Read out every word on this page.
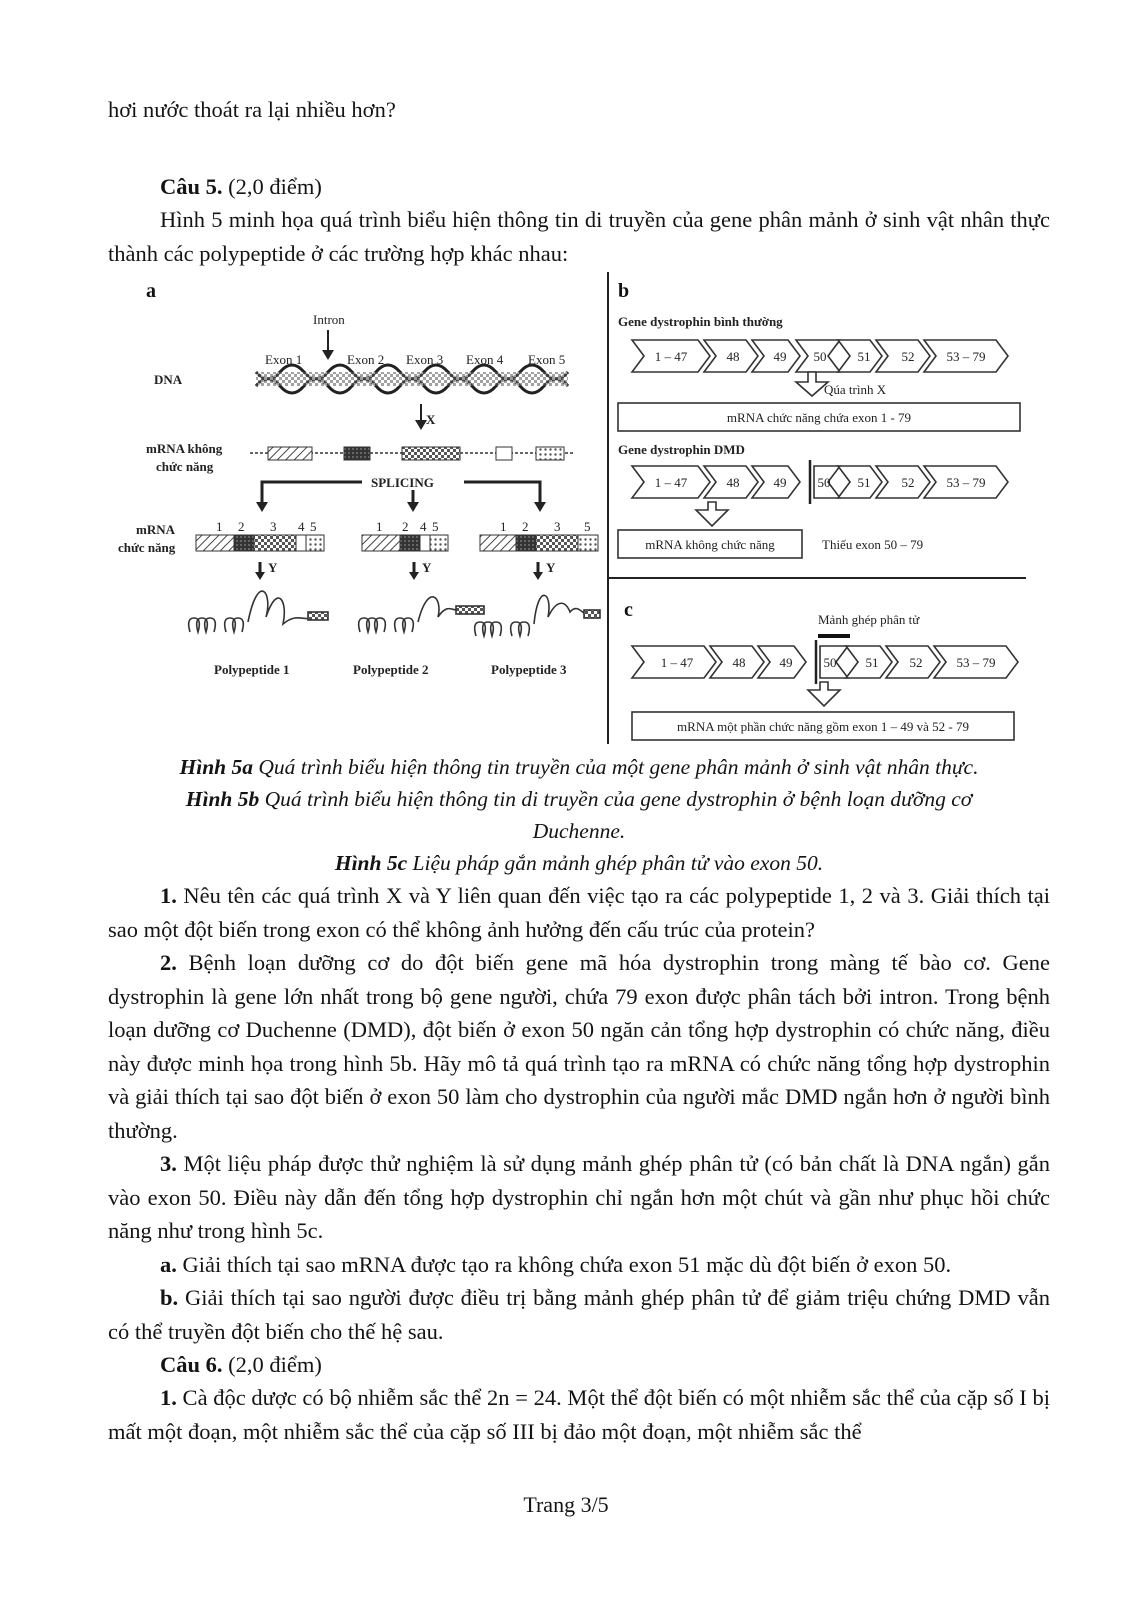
hơi nước thoát ra lại nhiều hơn?

Câu 5. (2,0 điểm)

Hình 5 minh họa quá trình biểu hiện thông tin di truyền của gene phân mảnh ở sinh vật nhân thực thành các polypeptide ở các trường hợp khác nhau:

a
Intron
Exon 1	Exon 2 Exon 3 Exon 4 Exon 5
DNA
X
mRNA không
chức năng
SPLICING
mRNA
chức năng
1 2 3 4 5	1 2 4 5	1 2 3 5
Y	Y	Y
Polypeptide 1	Polypeptide 2	Polypeptide 3
b
Gene dystrophin bình thường
1 – 47	48	49 50 51 52 53 – 79
Qúa trình X
mRNA chức năng chứa exon 1 - 79
Gene dystrophin DMD
1 – 47	48	49 50 51 52 53 – 79
mRNA không chức năng	Thiếu exon 50 – 79
c	Mảnh ghép phân tử
1 – 47	48	49 50 51 52	53 – 79
mRNA một phần chức năng gồm exon 1 – 49 và 52 - 79

Hình 5a Quá trình biểu hiện thông tin truyền của một gene phân mảnh ở sinh vật nhân thực.

Hình 5b Quá trình biểu hiện thông tin di truyền của gene dystrophin ở bệnh loạn dưỡng cơ

Duchenne.

Hình 5c Liệu pháp gắn mảnh ghép phân tử vào exon 50.

1. Nêu tên các quá trình X và Y liên quan đến việc tạo ra các polypeptide 1, 2 và 3. Giải thích tại sao một đột biến trong exon có thể không ảnh hưởng đến cấu trúc của protein?

2. Bệnh loạn dưỡng cơ do đột biến gene mã hóa dystrophin trong màng tế bào cơ. Gene dystrophin là gene lớn nhất trong bộ gene người, chứa 79 exon được phân tách bởi intron. Trong bệnh loạn dưỡng cơ Duchenne (DMD), đột biến ở exon 50 ngăn cản tổng hợp dystrophin có chức năng, điều này được minh họa trong hình 5b. Hãy mô tả quá trình tạo ra mRNA có chức năng tổng hợp dystrophin và giải thích tại sao đột biến ở exon 50 làm cho dystrophin của người mắc DMD ngắn hơn ở người bình thường.

3. Một liệu pháp được thử nghiệm là sử dụng mảnh ghép phân tử (có bản chất là DNA ngắn) gắn vào exon 50. Điều này dẫn đến tổng hợp dystrophin chỉ ngắn hơn một chút và gần như phục hồi chức năng như trong hình 5c.

a. Giải thích tại sao mRNA được tạo ra không chứa exon 51 mặc dù đột biến ở exon 50.

b. Giải thích tại sao người được điều trị bằng mảnh ghép phân tử để giảm triệu chứng DMD vẫn có thể truyền đột biến cho thế hệ sau.

Câu 6. (2,0 điểm)

1. Cà độc dược có bộ nhiễm sắc thể 2n = 24. Một thể đột biến có một nhiễm sắc thể của cặp số I bị mất một đoạn, một nhiễm sắc thể của cặp số III bị đảo một đoạn, một nhiễm sắc thể

Trang 3/5
